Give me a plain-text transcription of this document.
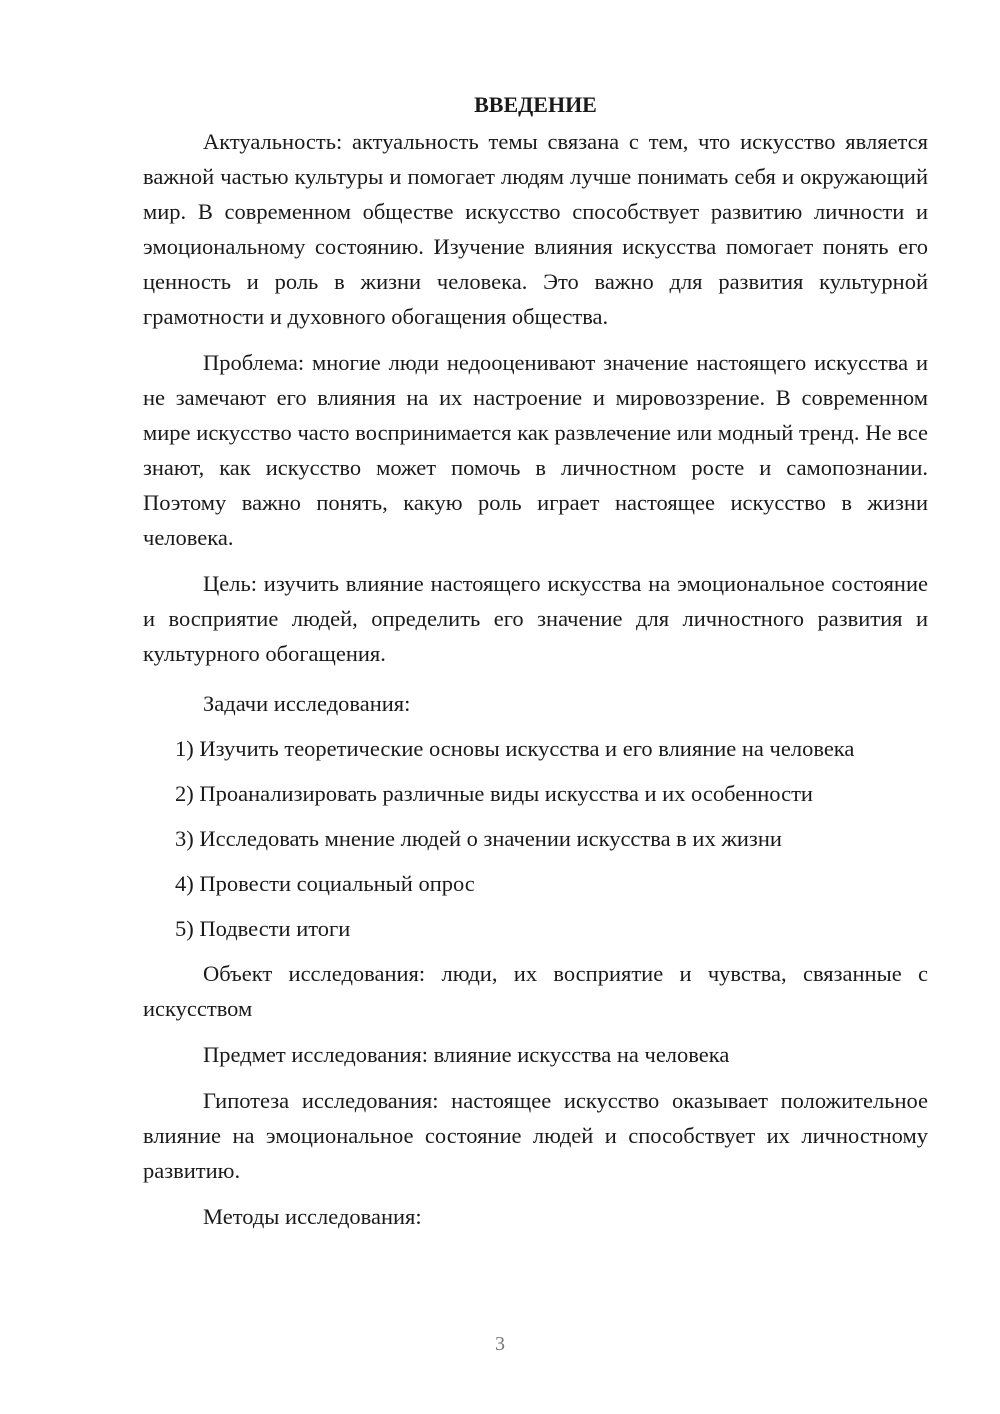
ВВЕДЕНИЕ

Актуальность: актуальность темы связана с тем, что искусство является важной частью культуры и помогает людям лучше понимать себя и окружающий мир. В современном обществе искусство способствует развитию личности и эмоциональному состоянию. Изучение влияния искусства помогает понять его ценность и роль в жизни человека. Это важно для развития культурной грамотности и духовного обогащения общества.

Проблема: многие люди недооценивают значение настоящего искусства и не замечают его влияния на их настроение и мировоззрение. В современном мире искусство часто воспринимается как развлечение или модный тренд. Не все знают, как искусство может помочь в личностном росте и самопознании. Поэтому важно понять, какую роль играет настоящее искусство в жизни человека.

Цель: изучить влияние настоящего искусства на эмоциональное состояние и восприятие людей, определить его значение для личностного развития и культурного обогащения.

Задачи исследования:

1) Изучить теоретические основы искусства и его влияние на человека
2) Проанализировать различные виды искусства и их особенности
3) Исследовать мнение людей о значении искусства в их жизни
4) Провести социальный опрос
5) Подвести итоги

Объект исследования: люди, их восприятие и чувства, связанные с искусством

Предмет исследования: влияние искусства на человека

Гипотеза исследования: настоящее искусство оказывает положительное влияние на эмоциональное состояние людей и способствует их личностному развитию.

Методы исследования:

3
